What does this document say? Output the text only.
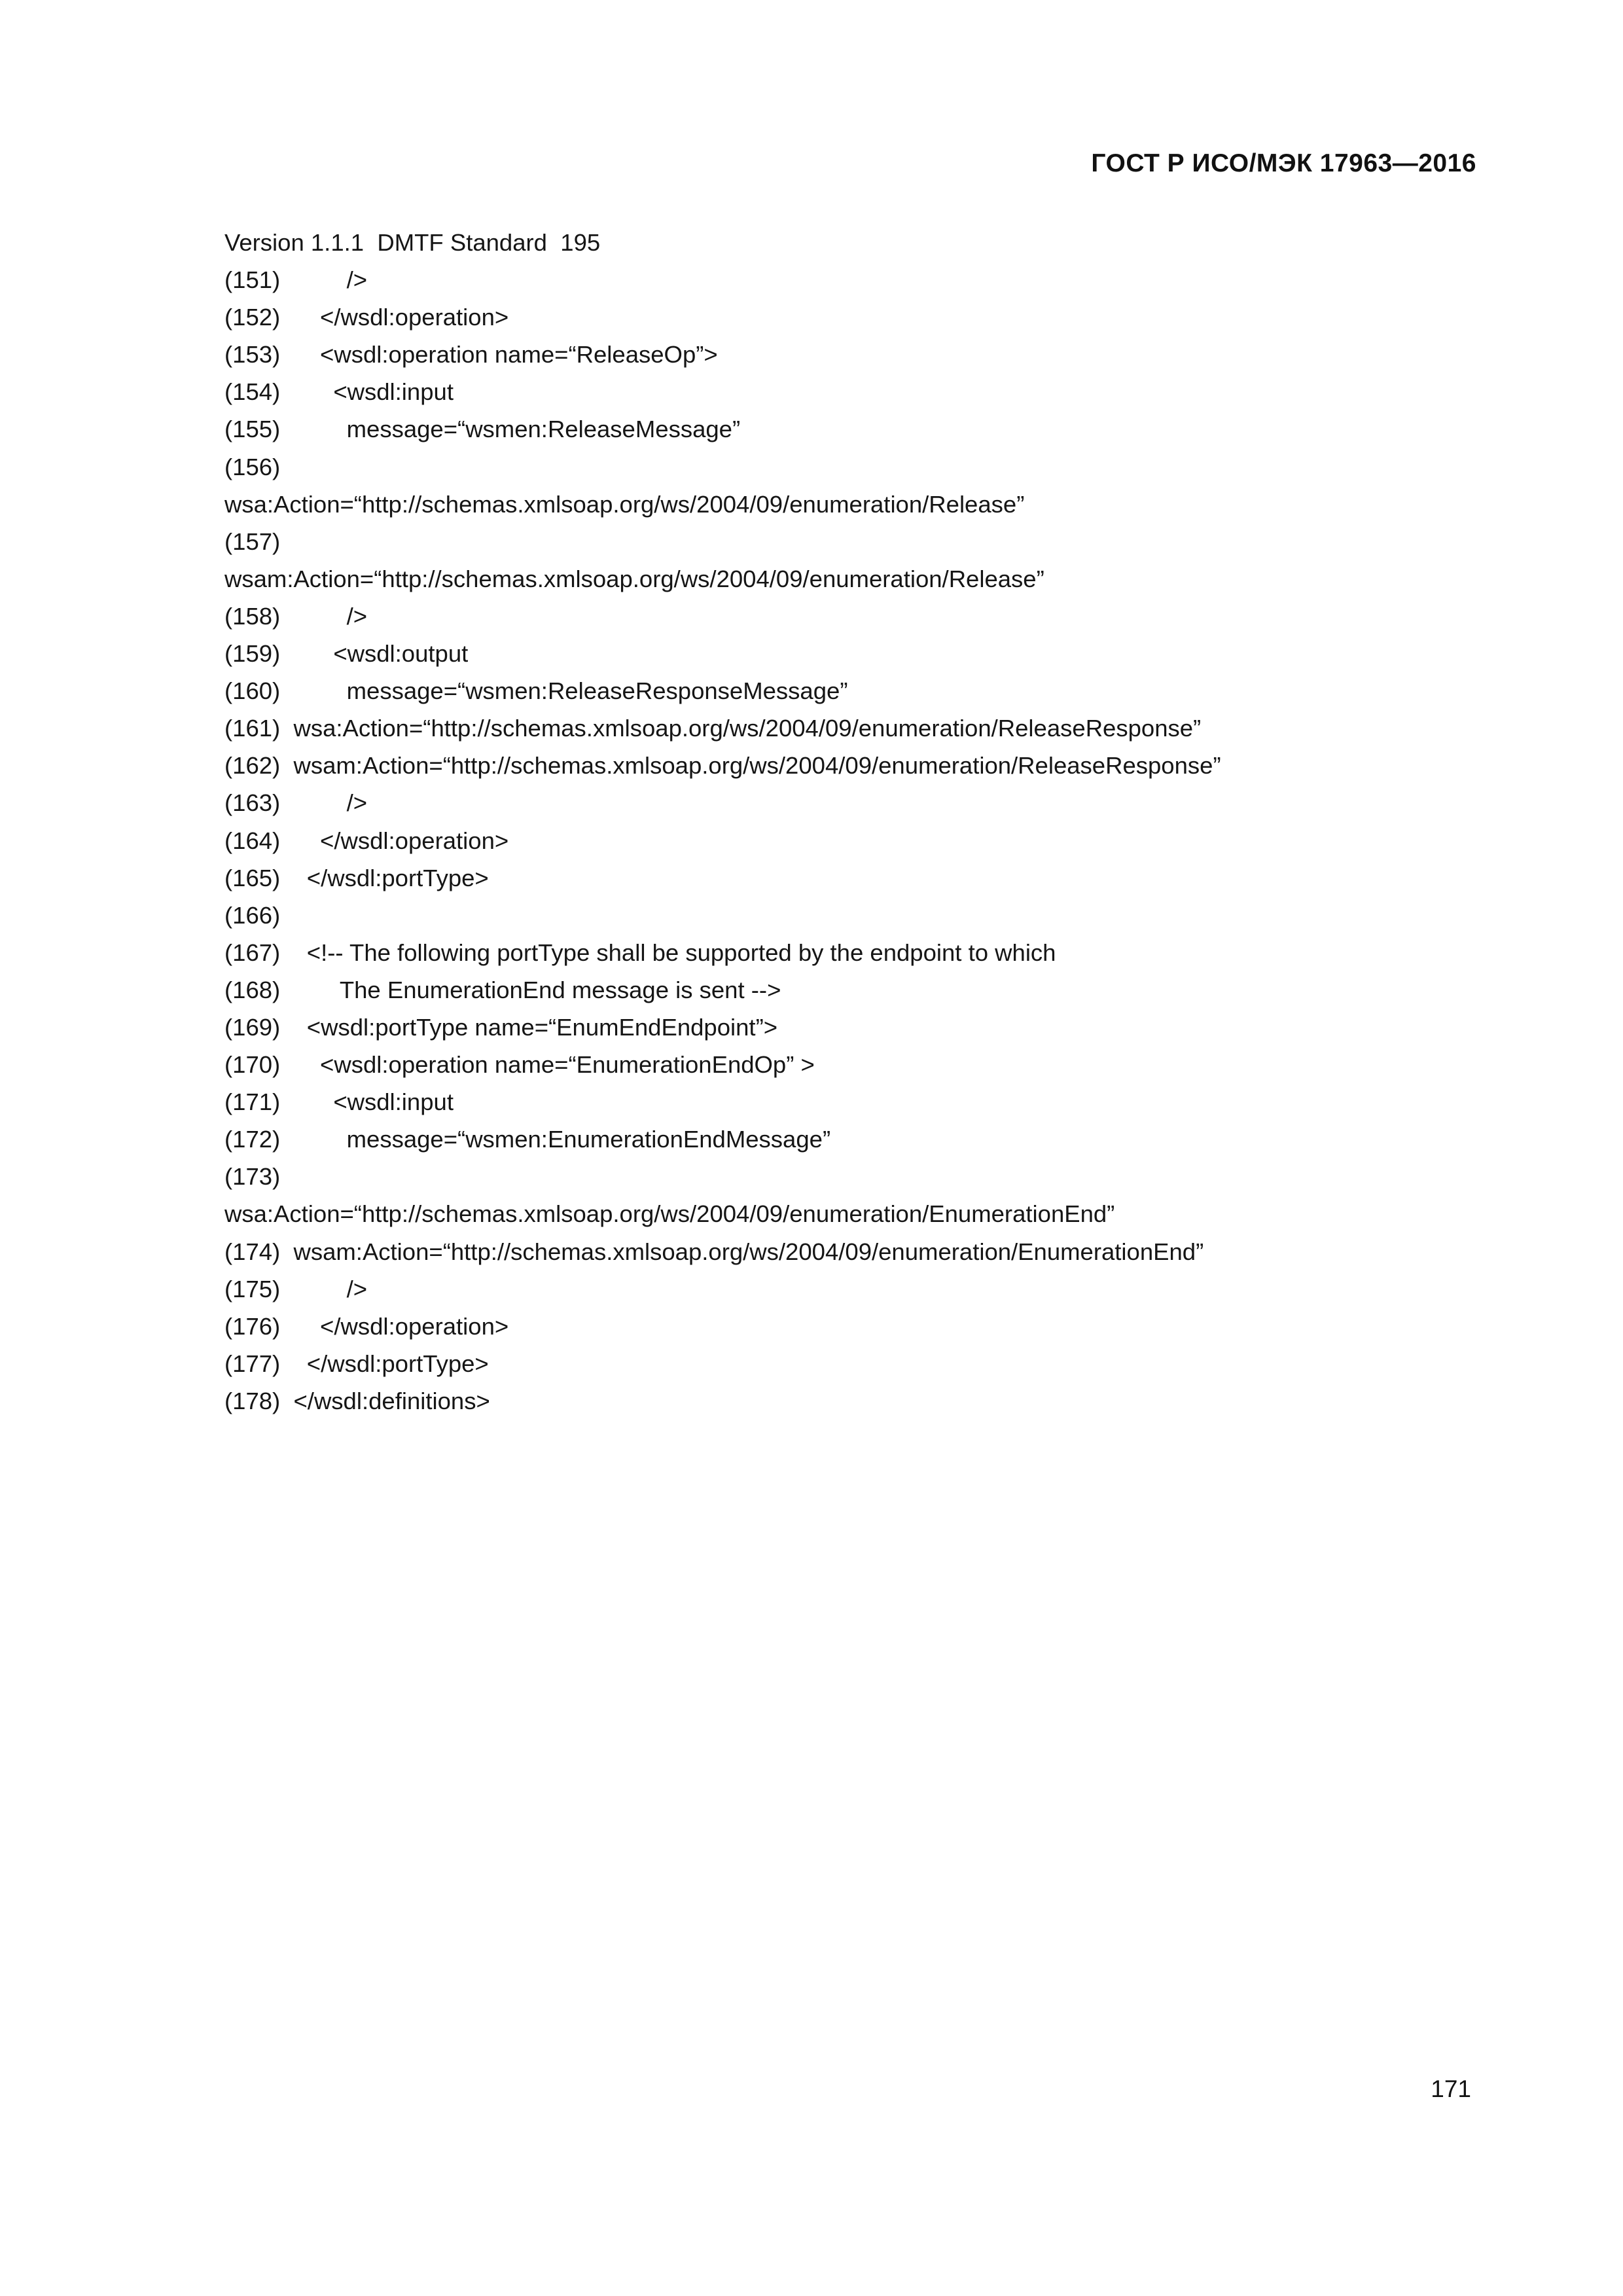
ГОСТ Р ИСО/МЭК 17963—2016
Version 1.1.1  DMTF Standard  195
(151)          />
(152)      </wsdl:operation>
(153)      <wsdl:operation name=“ReleaseOp”>
(154)        <wsdl:input
(155)          message=“wsmen:ReleaseMessage”
(156)
wsa:Action=“http://schemas.xmlsoap.org/ws/2004/09/enumeration/Release”
(157)
wsam:Action=“http://schemas.xmlsoap.org/ws/2004/09/enumeration/Release”
(158)          />
(159)        <wsdl:output
(160)          message=“wsmen:ReleaseResponseMessage”
(161)  wsa:Action=“http://schemas.xmlsoap.org/ws/2004/09/enumeration/ReleaseResponse”
(162)  wsam:Action=“http://schemas.xmlsoap.org/ws/2004/09/enumeration/ReleaseResponse”
(163)          />
(164)      </wsdl:operation>
(165)    </wsdl:portType>
(166)
(167)    <!-- The following portType shall be supported by the endpoint to which
(168)         The EnumerationEnd message is sent -->
(169)    <wsdl:portType name=“EnumEndEndpoint”>
(170)      <wsdl:operation name=“EnumerationEndOp” >
(171)        <wsdl:input
(172)          message=“wsmen:EnumerationEndMessage”
(173)
wsa:Action=“http://schemas.xmlsoap.org/ws/2004/09/enumeration/EnumerationEnd”
(174)  wsam:Action=“http://schemas.xmlsoap.org/ws/2004/09/enumeration/EnumerationEnd”
(175)          />
(176)      </wsdl:operation>
(177)    </wsdl:portType>
(178)  </wsdl:definitions>
171
